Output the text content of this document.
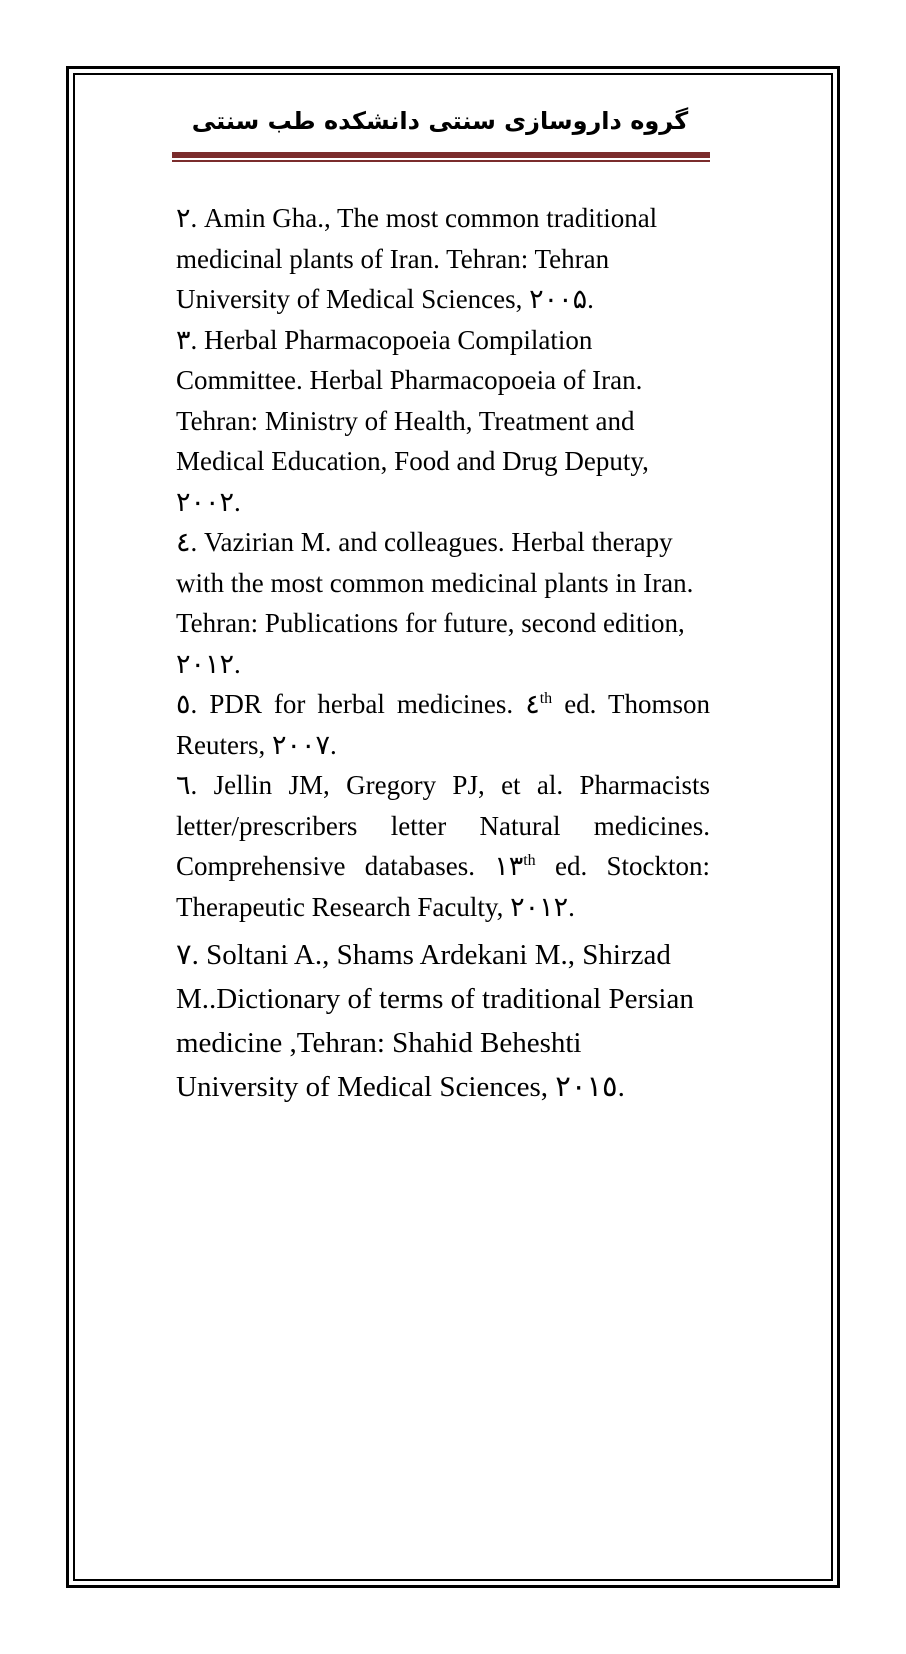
گروه داروسازی سنتی دانشکده طب سنتی

۲. Amin Gha., The most common traditional medicinal plants of Iran. Tehran: Tehran University of Medical Sciences, ۲۰۰۵.

۳. Herbal Pharmacopoeia Compilation Committee. Herbal Pharmacopoeia of Iran. Tehran: Ministry of Health, Treatment and Medical Education, Food and Drug Deputy, ۲۰۰۲.

٤. Vazirian M. and colleagues. Herbal therapy with the most common medicinal plants in Iran. Tehran: Publications for future, second edition, ۲۰۱۲.

٥. PDR for herbal medicines. ٤th ed. Thomson Reuters, ۲۰۰۷.

٦. Jellin JM, Gregory PJ, et al. Pharmacists letter/prescribers letter Natural medicines. Comprehensive databases. ۱۳th ed. Stockton: Therapeutic Research Faculty, ۲۰۱۲.

۷. Soltani A., Shams Ardekani M., Shirzad M..Dictionary of terms of traditional Persian medicine ,Tehran: Shahid Beheshti University of Medical Sciences, ۲۰۱٥.
